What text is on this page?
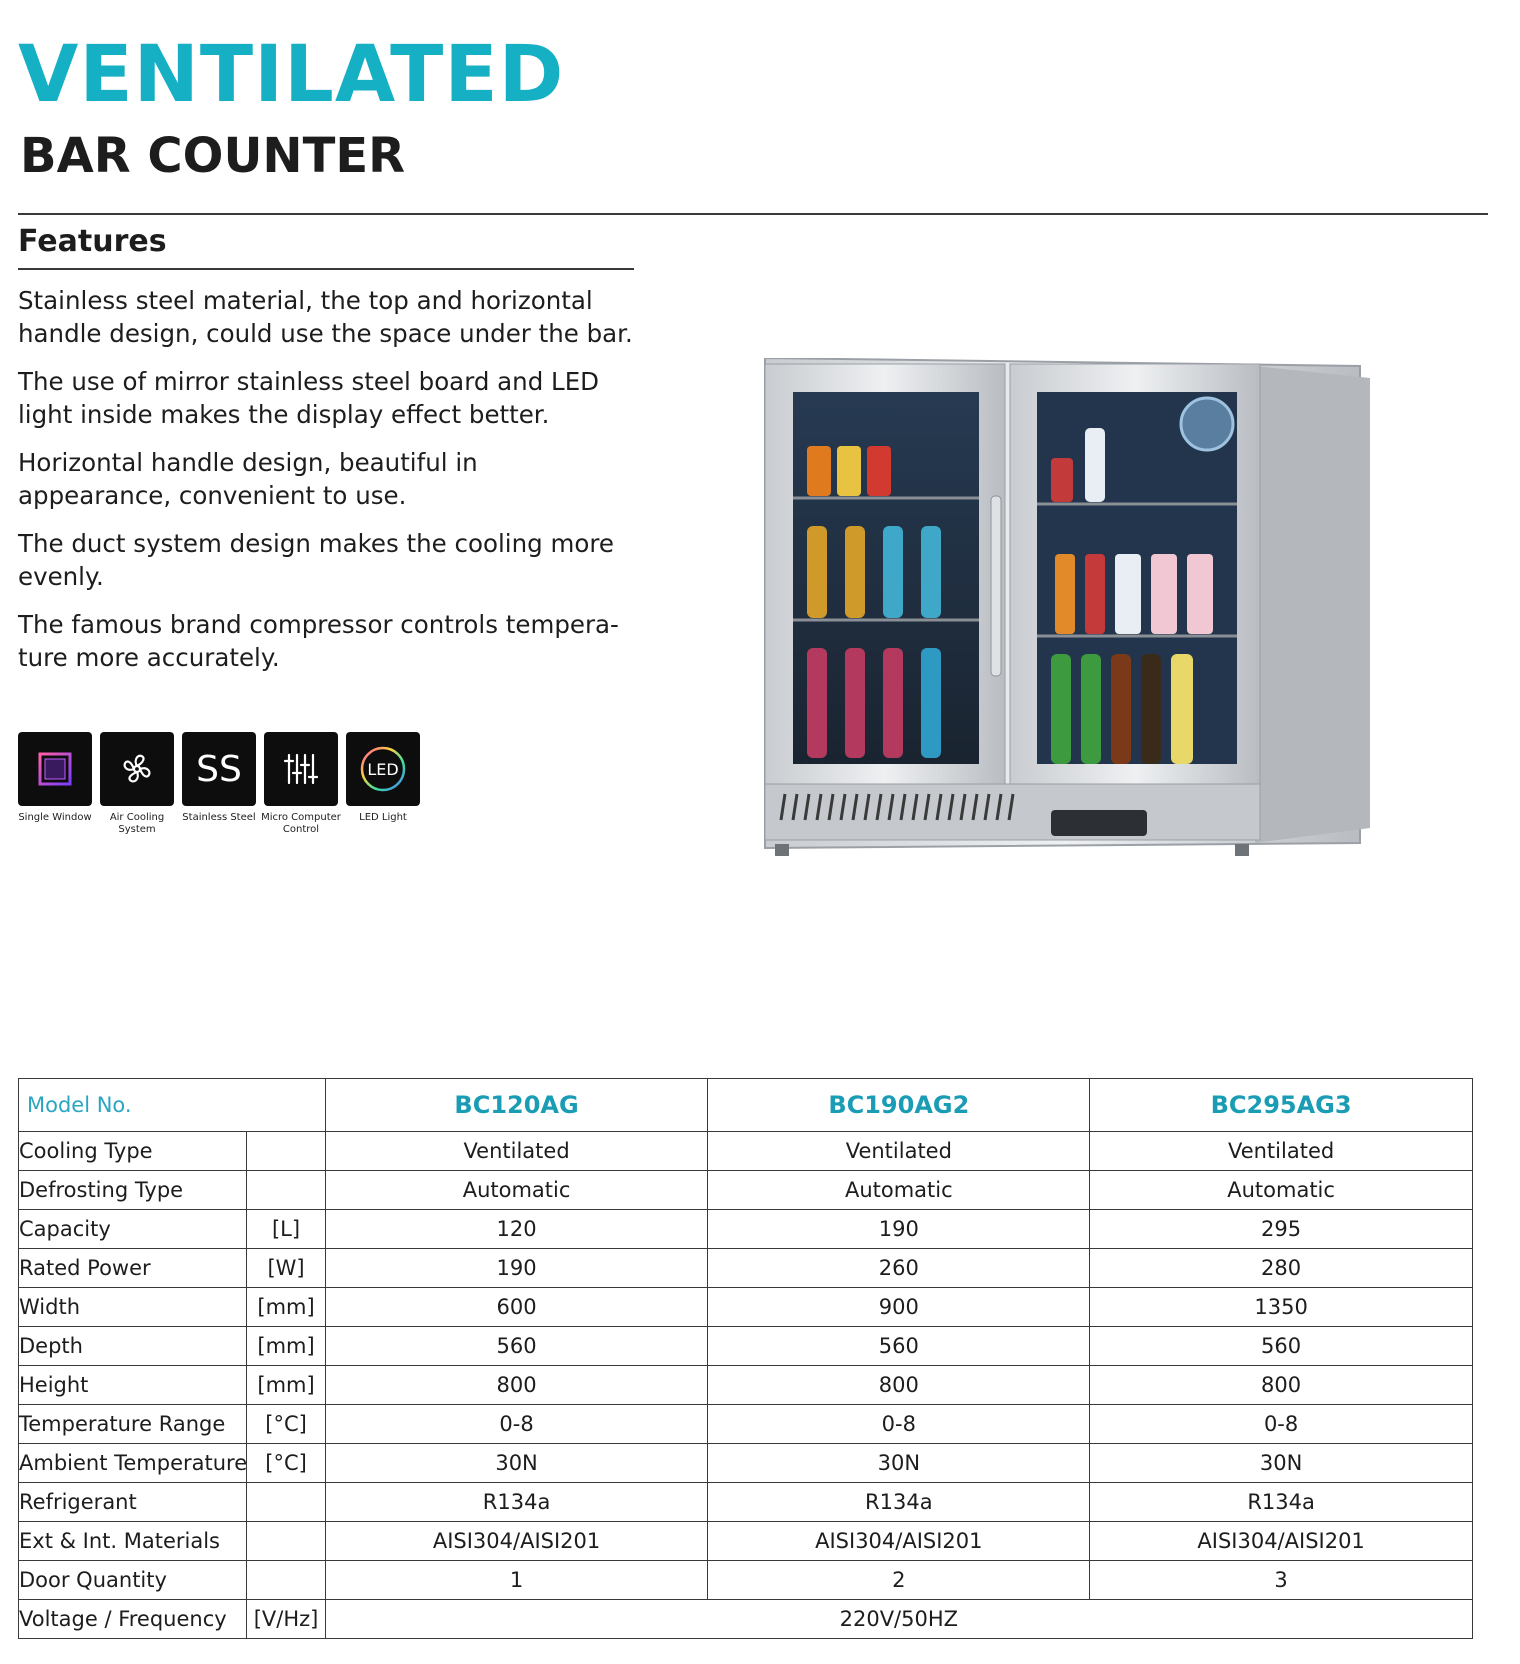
VENTILATED
BAR COUNTER
Features
Stainless steel material, the top and horizontal handle design, could use the space under the bar.
The use of mirror stainless steel board and LED light inside makes the display effect better.
Horizontal handle design, beautiful in appearance, convenient to use.
The duct system design makes the cooling more evenly.
The famous brand compressor controls tempera-ture more accurately.
Single Window	Air Cooling System
SS
Stainless Steel Micro Computer Control
LED
LED Light
Model No.		BC120AG	BC190AG2	BC295AG3
Cooling Type		Ventilated	Ventilated	Ventilated
Defrosting Type		Automatic	Automatic	Automatic
Capacity	[L]	120	190	295
Rated Power	[W]	190	260	280
Width	[mm]	600	900	1350
Depth	[mm]	560	560	560
Height	[mm]	800	800	800
Temperature Range	[°C]	0-8	0-8	0-8
Ambient Temperature	[°C]	30N	30N	30N
Refrigerant		R134a	R134a	R134a
Ext & Int. Materials		AISI304/AISI201	AISI304/AISI201	AISI304/AISI201
Door Quantity		1	2	3
Voltage / Frequency	[V/Hz]	220V/50HZ		
